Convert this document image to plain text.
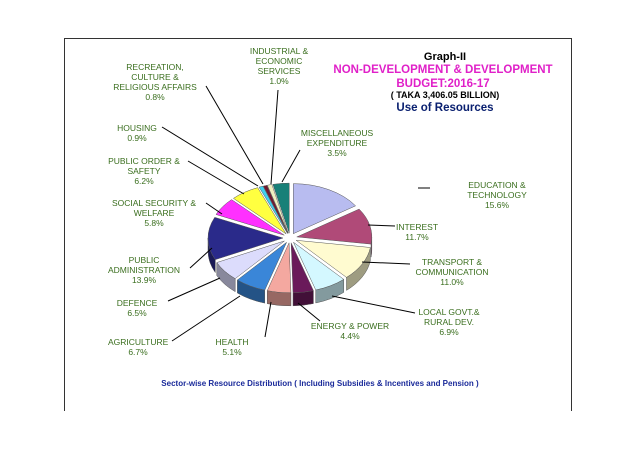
Graph-II
NON-DEVELOPMENT & DEVELOPMENT
BUDGET:2016-17
( TAKA 3,406.05 BILLION)
Use of Resources
EDUCATION &
TECHNOLOGY
15.6%
INTEREST
11.7%
TRANSPORT &
COMMUNICATION
11.0%
LOCAL GOVT.&
RURAL DEV.
6.9%
ENERGY & POWER
4.4%
HEALTH
5.1%
AGRICULTURE
6.7%
DEFENCE
6.5%
PUBLIC
ADMINISTRATION
13.9%
SOCIAL SECURITY &
WELFARE
5.8%
PUBLIC ORDER &
SAFETY
6.2%
HOUSING
0.9%
RECREATION,
CULTURE &
RELIGIOUS AFFAIRS
0.8%
INDUSTRIAL &
ECONOMIC
SERVICES
1.0%
MISCELLANEOUS
EXPENDITURE
3.5%
Sector-wise Resource Distribution ( Including Subsidies & Incentives and Pension )
